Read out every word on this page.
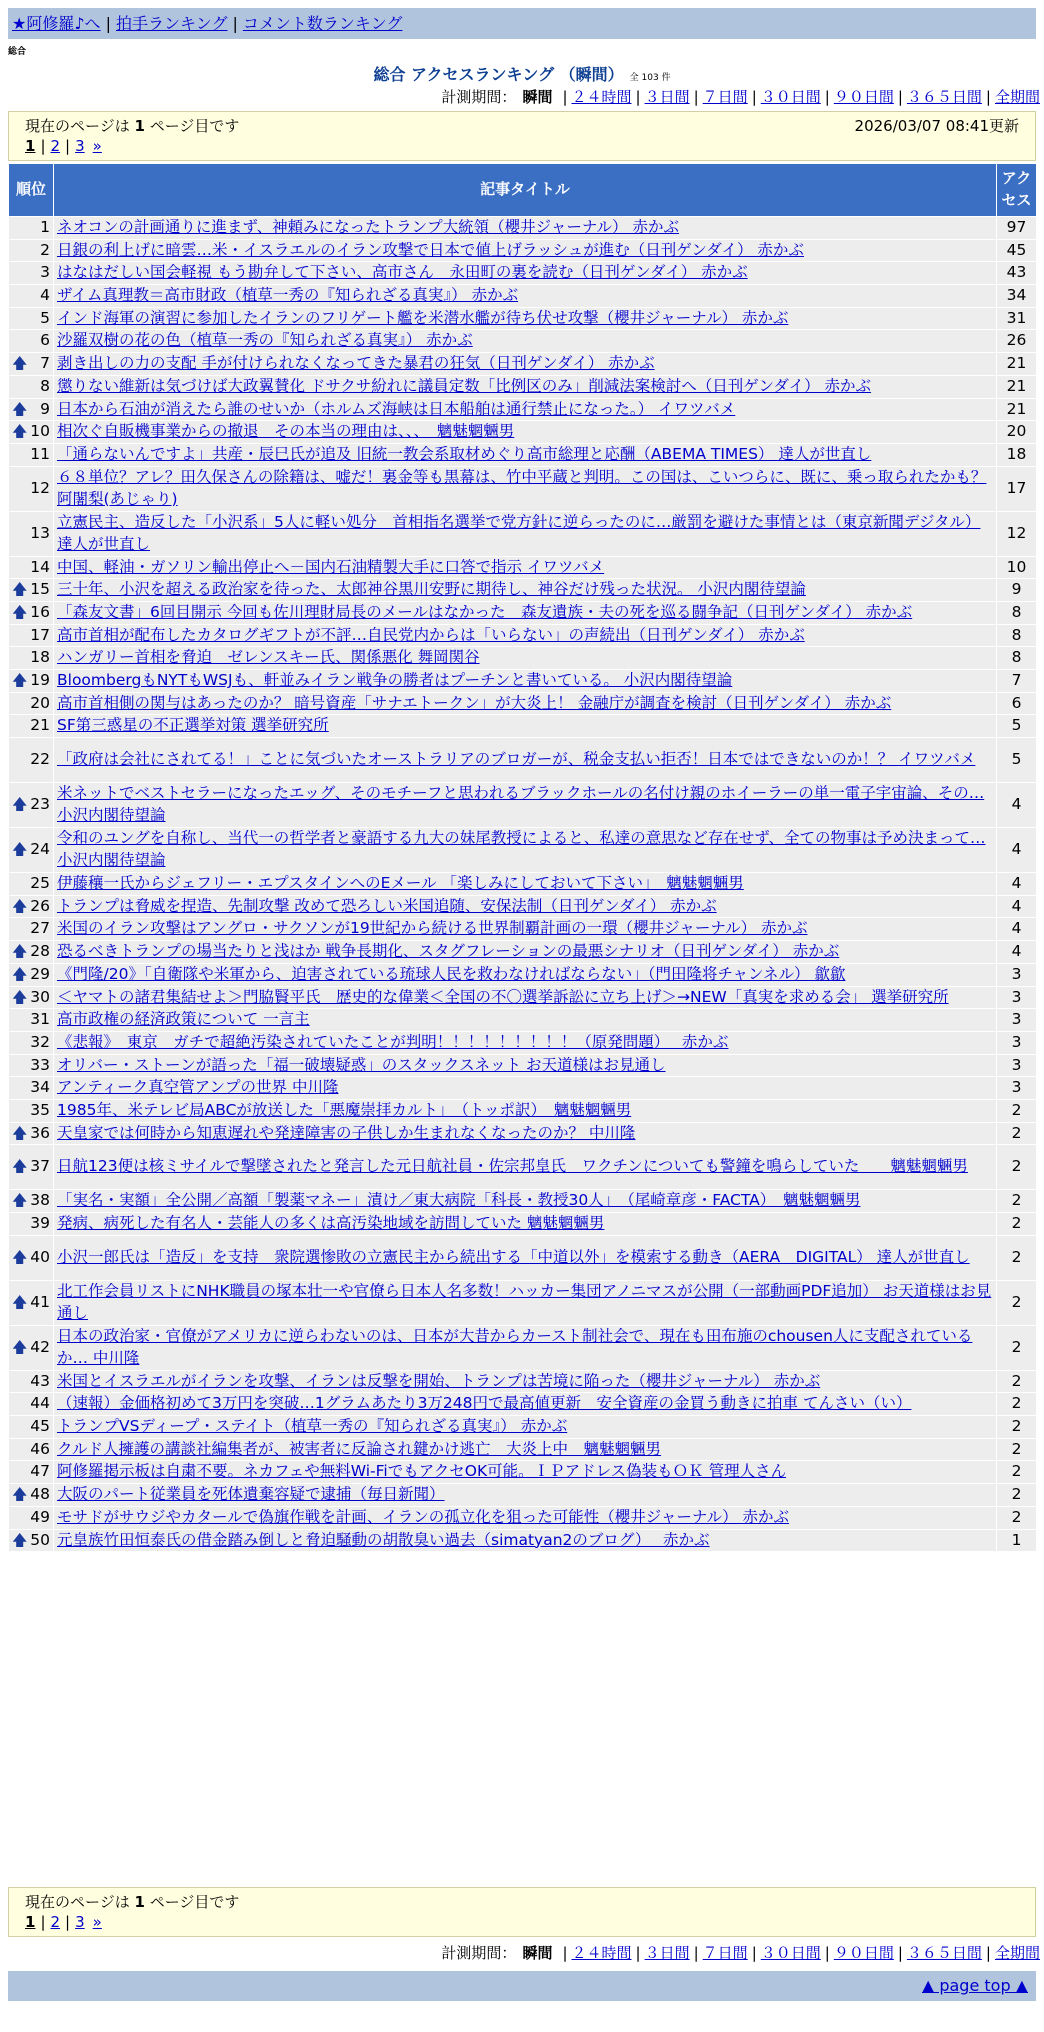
★阿修羅♪へ | 拍手ランキング | コメント数ランキング
総合
総合 アクセスランキング （瞬間） 全 103 件
計測期間： 瞬間 | ２４時間 | ３日間 | ７日間 | ３０日間 | ９０日間 | ３６５日間 | 全期間
現在のページは 1 ページ目です	2026/03/07 08:41更新
1 | 2 | 3 »
順位	記事タイトル	アクセス
1	ネオコンの計画通りに進まず、神頼みになったトランプ大統領（櫻井ジャーナル） 赤かぶ	97
2	日銀の利上げに暗雲…米・イスラエルのイラン攻撃で日本で値上げラッシュが進む（日刊ゲンダイ） 赤かぶ	45
3	はなはだしい国会軽視 もう勘弁して下さい、高市さん　永田町の裏を読む（日刊ゲンダイ） 赤かぶ	43
4	ザイム真理教＝高市財政（植草一秀の『知られざる真実』） 赤かぶ	34
5	インド海軍の演習に参加したイランのフリゲート艦を米潜水艦が待ち伏せ攻撃（櫻井ジャーナル） 赤かぶ	31
6	沙羅双樹の花の色（植草一秀の『知られざる真実』） 赤かぶ	26

🡅 7	剥き出しの力の支配 手が付けられなくなってきた暴君の狂気（日刊ゲンダイ） 赤かぶ	21
8	懲りない維新は気づけば大政翼賛化 ドサクサ紛れに議員定数「比例区のみ」削減法案検討へ（日刊ゲンダイ） 赤かぶ	21

🡅 9	日本から石油が消えたら誰のせいか（ホルムズ海峡は日本船舶は通行禁止になった。） イワツバメ	21

🡅 10	相次ぐ自販機事業からの撤退　その本当の理由は、、、　魑魅魍魎男	20
11	「通らないんですよ」共産・辰巳氏が追及 旧統一教会系取材めぐり高市総理と応酬（ABEMA TIMES） 達人が世直し	18
12	６８単位？アレ？田久保さんの除籍は、嘘だ！裏金等も黒幕は、竹中平蔵と判明。この国は、こいつらに、既に、乗っ取られたかも？ 阿闍梨(あじゃり)	17
13	立憲民主、造反した「小沢系」5人に軽い処分　首相指名選挙で党方針に逆らったのに…厳罰を避けた事情とは（東京新聞デジタル） 達人が世直し	12
14	中国、軽油・ガソリン輸出停止へ－国内石油精製大手に口答で指示 イワツバメ	10

🡅 15	三十年、小沢を超える政治家を待った、太郎神谷黒川安野に期待し、神谷だけ残った状況。 小沢内閣待望論	9

🡅 16	「森友文書」6回目開示 今回も佐川理財局長のメールはなかった　森友遺族・夫の死を巡る闘争記（日刊ゲンダイ） 赤かぶ	8
17	高市首相が配布したカタログギフトが不評…自民党内からは「いらない」の声続出（日刊ゲンダイ） 赤かぶ	8
18	ハンガリー首相を脅迫　ゼレンスキー氏、関係悪化 舞岡関谷	8

🡅 19	BloombergもNYTもWSJも、軒並みイラン戦争の勝者はプーチンと書いている。 小沢内閣待望論	7
20	高市首相側の関与はあったのか？ 暗号資産「サナエトークン」が大炎上！ 金融庁が調査を検討（日刊ゲンダイ） 赤かぶ	6
21	SF第三惑星の不正選挙対策 選挙研究所	5
22	「政府は会社にされてる！」ことに気づいたオーストラリアのブロガーが、税金支払い拒否！日本ではできないのか！？ イワツバメ	5

🡅 23	米ネットでベストセラーになったエッグ、そのモチーフと思われるブラックホールの名付け親のホイーラーの単一電子宇宙論、その… 小沢内閣待望論	4

🡅 24	令和のユングを自称し、当代一の哲学者と豪語する九大の妹尾教授によると、私達の意思など存在せず、全ての物事は予め決まって… 小沢内閣待望論	4
25	伊藤穰一氏からジェフリー・エプスタインへのEメール 「楽しみにしておいて下さい」　魑魅魍魎男	4

🡅 26	トランプは脅威を捏造、先制攻撃 改めて恐ろしい米国追随、安保法制（日刊ゲンダイ） 赤かぶ	4
27	米国のイラン攻撃はアングロ・サクソンが19世紀から続ける世界制覇計画の一環（櫻井ジャーナル） 赤かぶ	4

🡅 28	恐るべきトランプの場当たりと浅はか 戦争長期化、スタグフレーションの最悪シナリオ（日刊ゲンダイ） 赤かぶ	4

🡅 29	《門隆/20》「自衛隊や米軍から、迫害されている琉球人民を救わなければならない」（門田隆将チャンネル） 歙歙	3

🡅 30	＜ヤマトの諸君集結せよ＞門脇賢平氏　歴史的な偉業＜全国の不〇選挙訴訟に立ち上げ＞→NEW「真実を求める会」 選挙研究所	3
31	高市政権の経済政策について 一言主	3
32	《悲報》　東京　ガチで超絶汚染されていたことが判明！！！！！！！！！（原発問題）　 赤かぶ	3
33	オリバー・ストーンが語った「福一破壊疑惑」のスタックスネット お天道様はお見通し	3
34	アンティーク真空管アンプの世界 中川隆	3
35	1985年、米テレビ局ABCが放送した「悪魔崇拝カルト」　（トッポ訳）　魑魅魍魎男	2

🡅 36	天皇家では何時から知恵遅れや発達障害の子供しか生まれなくなったのか？ 中川隆	2

🡅 37	日航123便は核ミサイルで撃墜されたと発言した元日航社員・佐宗邦皇氏　ワクチンについても警鐘を鳴らしていた　　魑魅魍魎男	2

🡅 38	「実名・実額」全公開／高額「製薬マネー」漬け／東大病院「科長・教授30人」　（尾崎章彦・FACTA）　魑魅魍魎男	2
39	発病、病死した有名人・芸能人の多くは高汚染地域を訪問していた 魑魅魍魎男	2

🡅 40	小沢一郎氏は「造反」を支持　衆院選惨敗の立憲民主から続出する「中道以外」を模索する動き（AERA　DIGITAL） 達人が世直し	2

🡅 41	北工作会員リストにNHK職員の塚本壮一や官僚ら日本人名多数！ハッカー集団アノニマスが公開（一部動画PDF追加） お天道様はお見通し	2

🡅 42	日本の政治家・官僚がアメリカに逆らわないのは、日本が大昔からカースト制社会で、現在も田布施のchousen人に支配されているか… 中川隆	2
43	米国とイスラエルがイランを攻撃、イランは反撃を開始、トランプは苦境に陥った（櫻井ジャーナル） 赤かぶ	2
44	（速報）金価格初めて3万円を突破…1グラムあたり3万248円で最高値更新　安全資産の金買う動きに拍車 てんさい（い）	2
45	トランプVSディープ・ステイト（植草一秀の『知られざる真実』） 赤かぶ	2
46	クルド人擁護の講談社編集者が、被害者に反論され鍵かけ逃亡　大炎上中　魑魅魍魎男	2
47	阿修羅掲示板は自粛不要。ネカフェや無料Wi-FiでもアクセOK可能。ＩＰアドレス偽装もＯＫ 管理人さん	2

🡅 48	大阪のパート従業員を死体遺棄容疑で逮捕（毎日新聞）	2
49	モサドがサウジやカタールで偽旗作戦を計画、イランの孤立化を狙った可能性（櫻井ジャーナル） 赤かぶ	2

🡅 50	元皇族竹田恒泰氏の借金踏み倒しと脅迫騒動の胡散臭い過去（simatyan2のブログ）　 赤かぶ	1
現在のページは 1 ページ目です
1 | 2 | 3 »
計測期間： 瞬間 | ２４時間 | ３日間 | ７日間 | ３０日間 | ９０日間 | ３６５日間 | 全期間
▲ page top ▲
